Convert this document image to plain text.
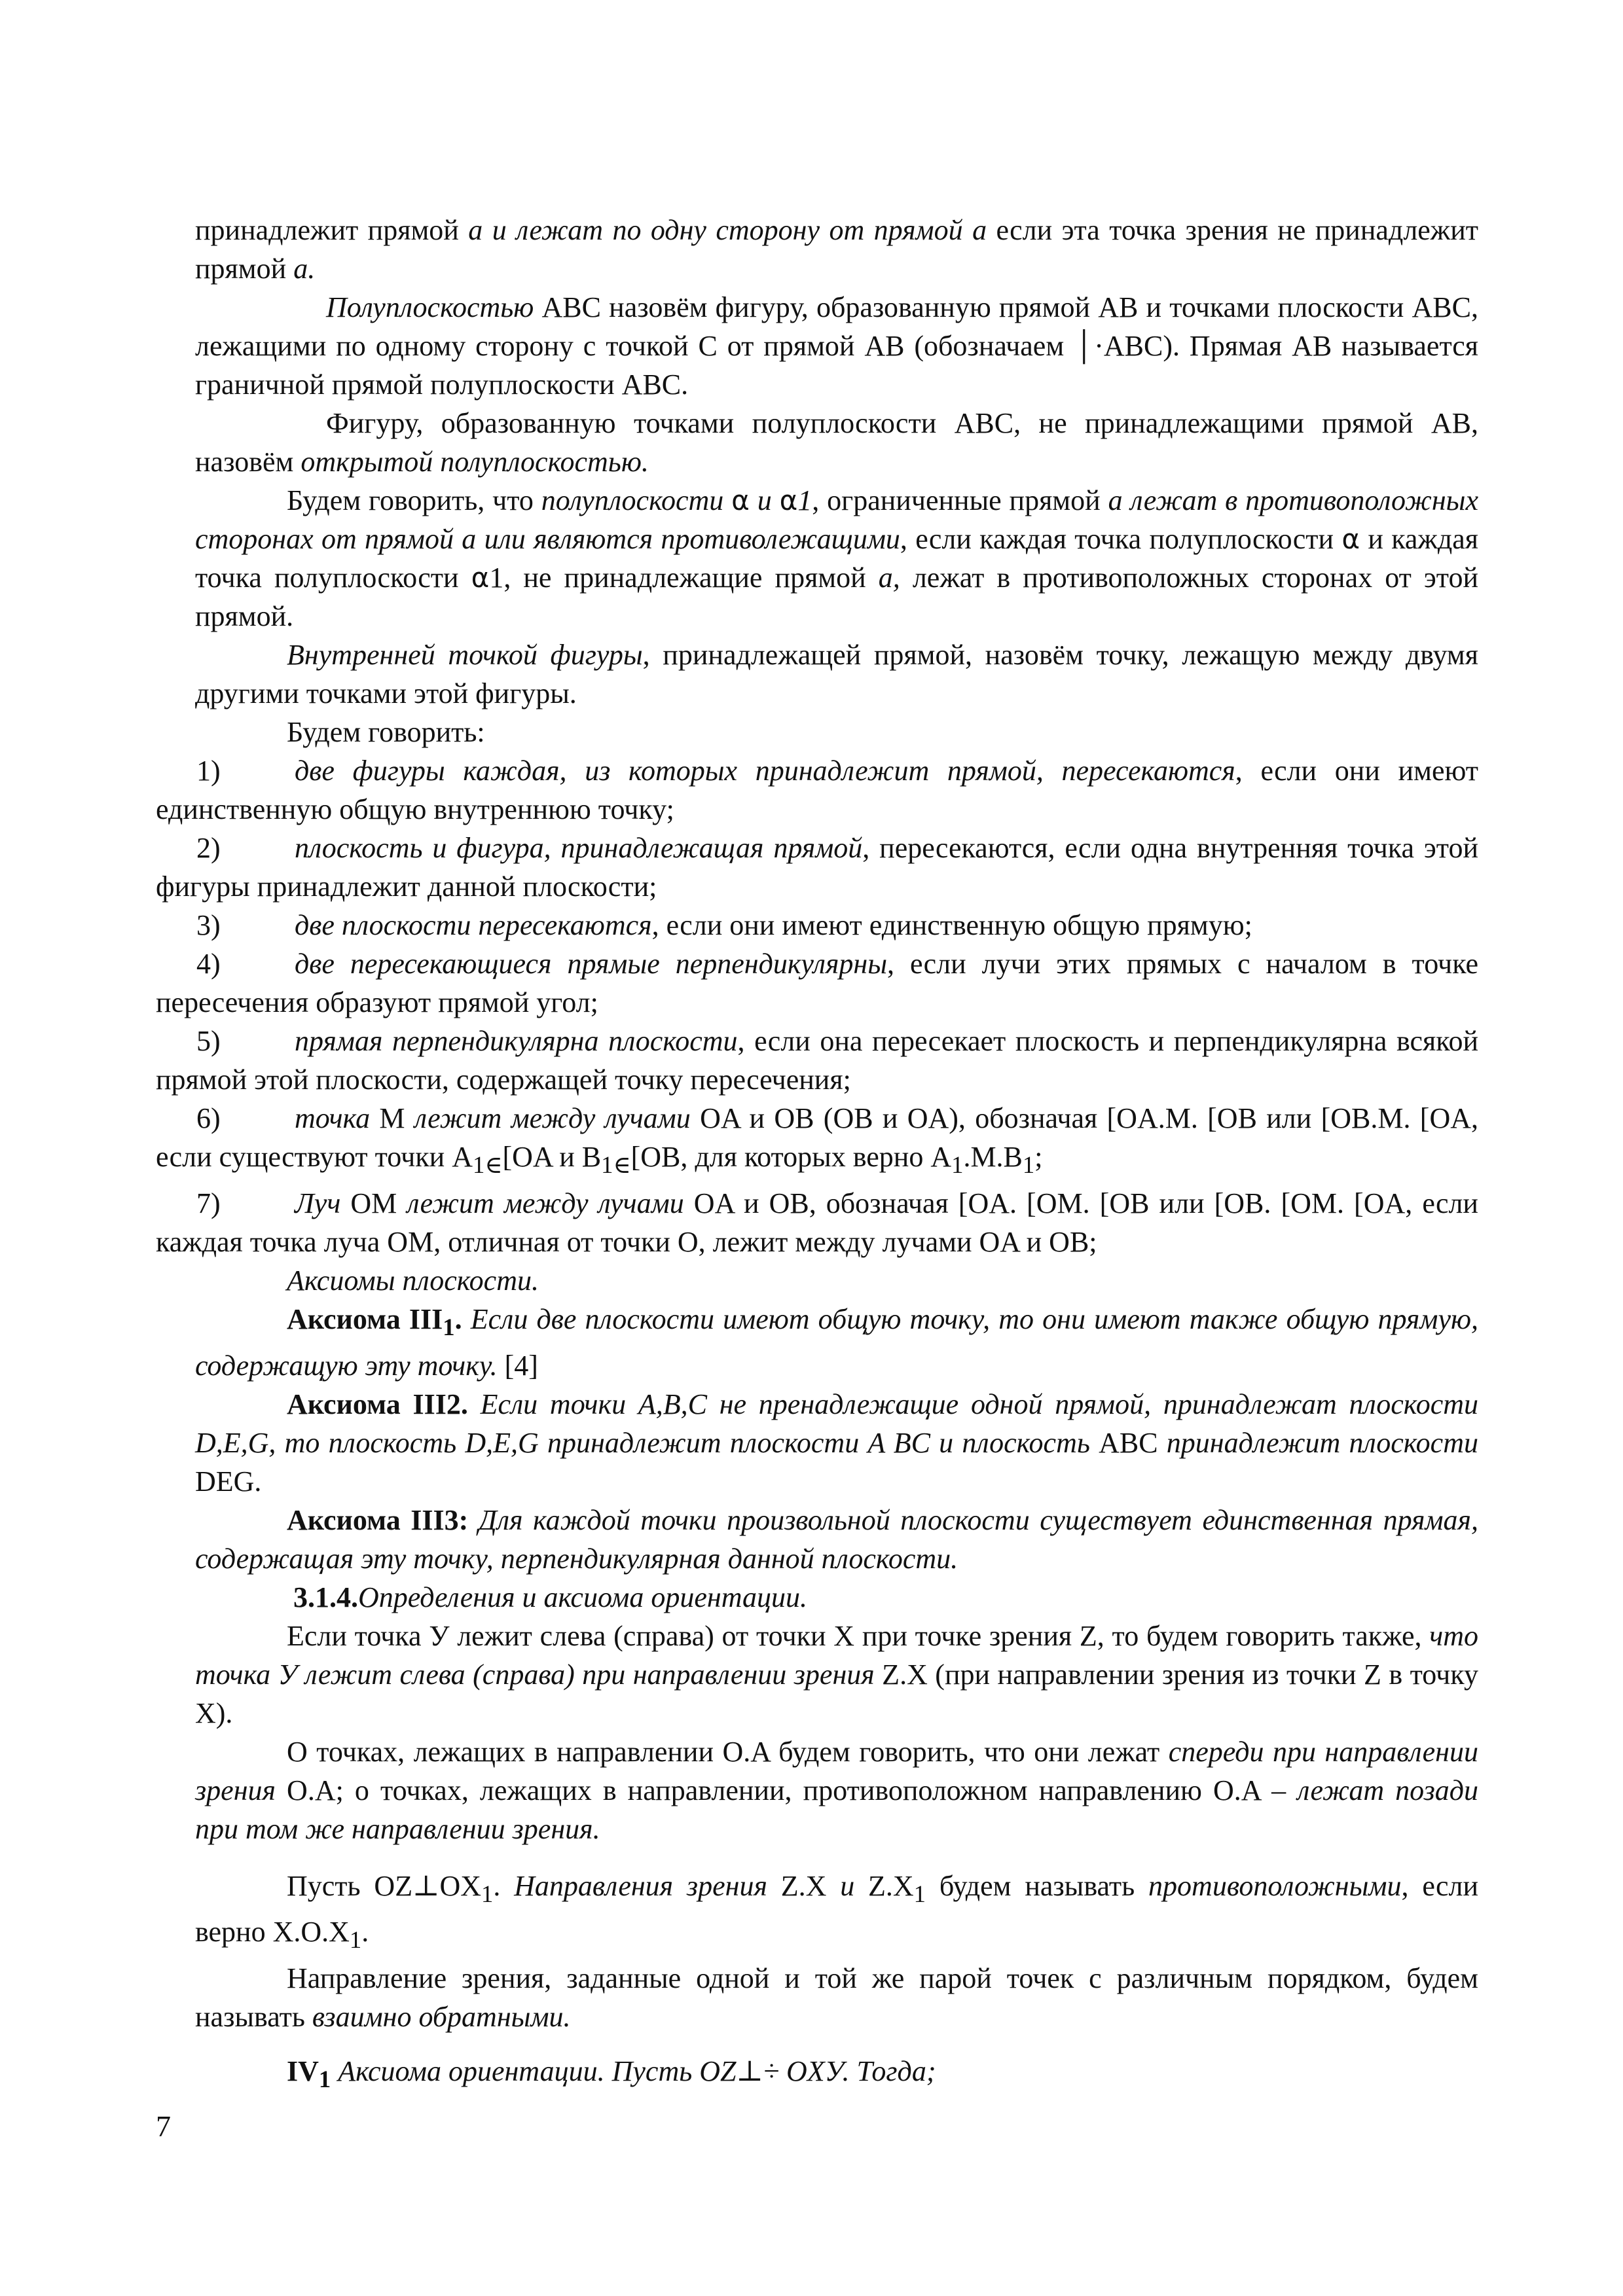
принадлежит прямой a и лежат по одну сторону от прямой a если эта точка зрения не принадлежит прямой a.

Полуплоскостью ABC назовём фигуру, образованную прямой AB и точками плоскости ABC, лежащими по одному сторону с точкой C от прямой AB (обозначаем │·ABC). Прямая AB называется граничной прямой полуплоскости ABC.

Фигуру, образованную точками полуплоскости ABC, не принадлежащими прямой AB, назовём открытой полуплоскостью.

Будем говорить, что полуплоскости α и α1, ограниченные прямой a лежат в противоположных сторонах от прямой a или являются противолежащими, если каждая точка полуплоскости α и каждая точка полуплоскости α1, не принадлежащие прямой a, лежат в противоположных сторонах от этой прямой.

Внутренней точкой фигуры, принадлежащей прямой, назовём точку, лежащую между двумя другими точками этой фигуры.

Будем говорить:

1)	две фигуры каждая, из которых принадлежит прямой, пересекаются, если они имеют единственную общую внутреннюю точку;

2)	плоскость и фигура, принадлежащая прямой, пересекаются, если одна внутренняя точка этой фигуры принадлежит данной плоскости;

3)	две плоскости пересекаются, если они имеют единственную общую прямую;

4)	две пересекающиеся прямые перпендикулярны, если лучи этих прямых с началом в точке пересечения образуют прямой угол;

5)	прямая перпендикулярна плоскости, если она пересекает плоскость и перпендикулярна всякой прямой этой плоскости, содержащей точку пересечения;

6)	точка M лежит между лучами OA и OB (OB и OA), обозначая [OA.M. [OB или [OB.M. [OA, если существуют точки $A_{1\in}[OA$ и $B_{1\in}[OB$, для которых верно $A_1.M.B_1$;

7)	Луч OM лежит между лучами OA и OB, обозначая [OA. [OM. [OB или [OB. [OM. [OA, если каждая точка луча OM, отличная от точки O, лежит между лучами OA и OB;

Аксиомы плоскости.

Аксиома $III_1$. Если две плоскости имеют общую точку, то они имеют также общую прямую, содержащую эту точку. [4]

Аксиома III2. Если точки A,B,C не пренадлежащие одной прямой, принадлежат плоскости D,E,G, то плоскость D,E,G принадлежит плоскости A BC и плоскость ABC принадлежит плоскости DEG.

Аксиома III3: Для каждой точки произвольной плоскости существует единственная прямая, содержащая эту точку, перпендикулярная данной плоскости.

3.1.4.Определения и аксиома ориентации.

Если точка У лежит слева (справа) от точки X при точке зрения Z, то будем говорить также, что точка У лежит слева (справа) при направлении зрения Z.X (при направлении зрения из точки Z в точку X).

О точках, лежащих в направлении O.A будем говорить, что они лежат спереди при направлении зрения O.A; о точках, лежащих в направлении, противоположном направлению O.A – лежат позади при том же направлении зрения.

Пусть $OZ\perp OX_1$. Направления зрения Z.X и $Z.X_1$ будем называть противоположными, если верно $X.O.X_1$.

Направление зрения, заданные одной и той же парой точек с различным порядком, будем называть взаимно обратными.

$IV_1$ Аксиома ориентации. Пусть OZ⊥÷ OXУ. Тогда;

7
